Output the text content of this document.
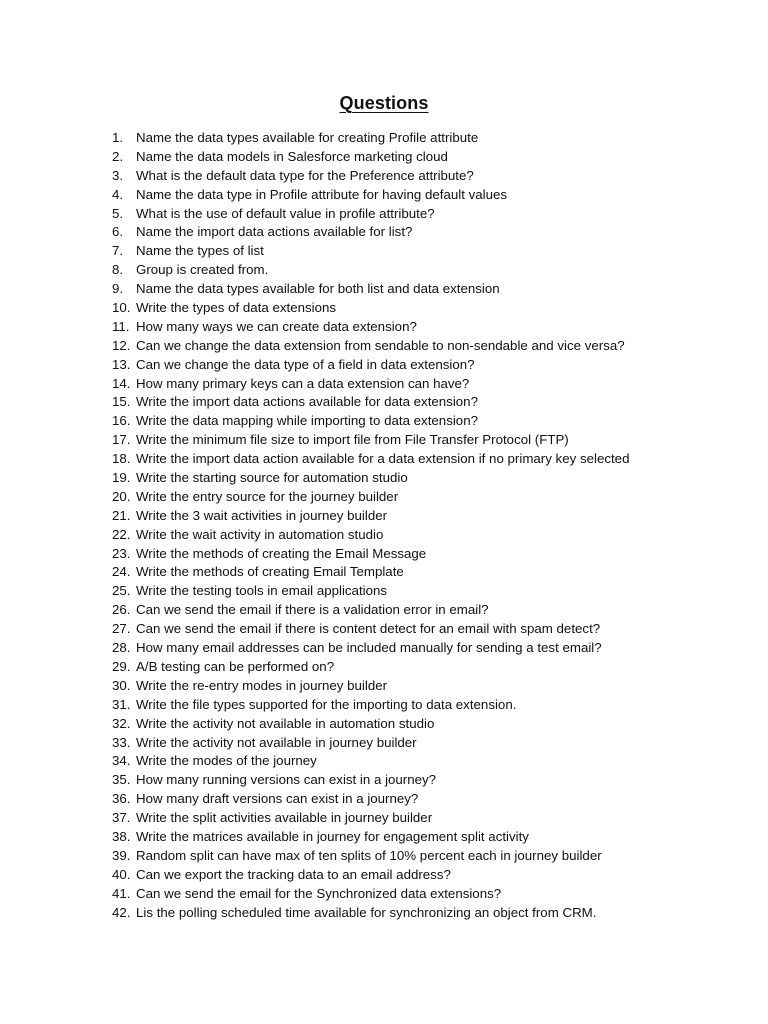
Questions
1. Name the data types available for creating Profile attribute
2. Name the data models in Salesforce marketing cloud
3. What is the default data type for the Preference attribute?
4. Name the data type in Profile attribute for having default values
5. What is the use of default value in profile attribute?
6. Name the import data actions available for list?
7. Name the types of list
8. Group is created from.
9. Name the data types available for both list and data extension
10. Write the types of data extensions
11. How many ways we can create data extension?
12. Can we change the data extension from sendable to non-sendable and vice versa?
13. Can we change the data type of a field in data extension?
14. How many primary keys can a data extension can have?
15. Write the import data actions available for data extension?
16. Write the data mapping while importing to data extension?
17. Write the minimum file size to import file from File Transfer Protocol (FTP)
18. Write the import data action available for a data extension if no primary key selected
19. Write the starting source for automation studio
20. Write the entry source for the journey builder
21. Write the 3 wait activities in journey builder
22. Write the wait activity in automation studio
23. Write the methods of creating the Email Message
24. Write the methods of creating Email Template
25. Write the testing tools in email applications
26. Can we send the email if there is a validation error in email?
27. Can we send the email if there is content detect for an email with spam detect?
28. How many email addresses can be included manually for sending a test email?
29. A/B testing can be performed on?
30. Write the re-entry modes in journey builder
31. Write the file types supported for the importing to data extension.
32. Write the activity not available in automation studio
33. Write the activity not available in journey builder
34. Write the modes of the journey
35. How many running versions can exist in a journey?
36. How many draft versions can exist in a journey?
37. Write the split activities available in journey builder
38. Write the matrices available in journey for engagement split activity
39. Random split can have max of ten splits of 10% percent each in journey builder
40. Can we export the tracking data to an email address?
41. Can we send the email for the Synchronized data extensions?
42. Lis the polling scheduled time available for synchronizing an object from CRM.
